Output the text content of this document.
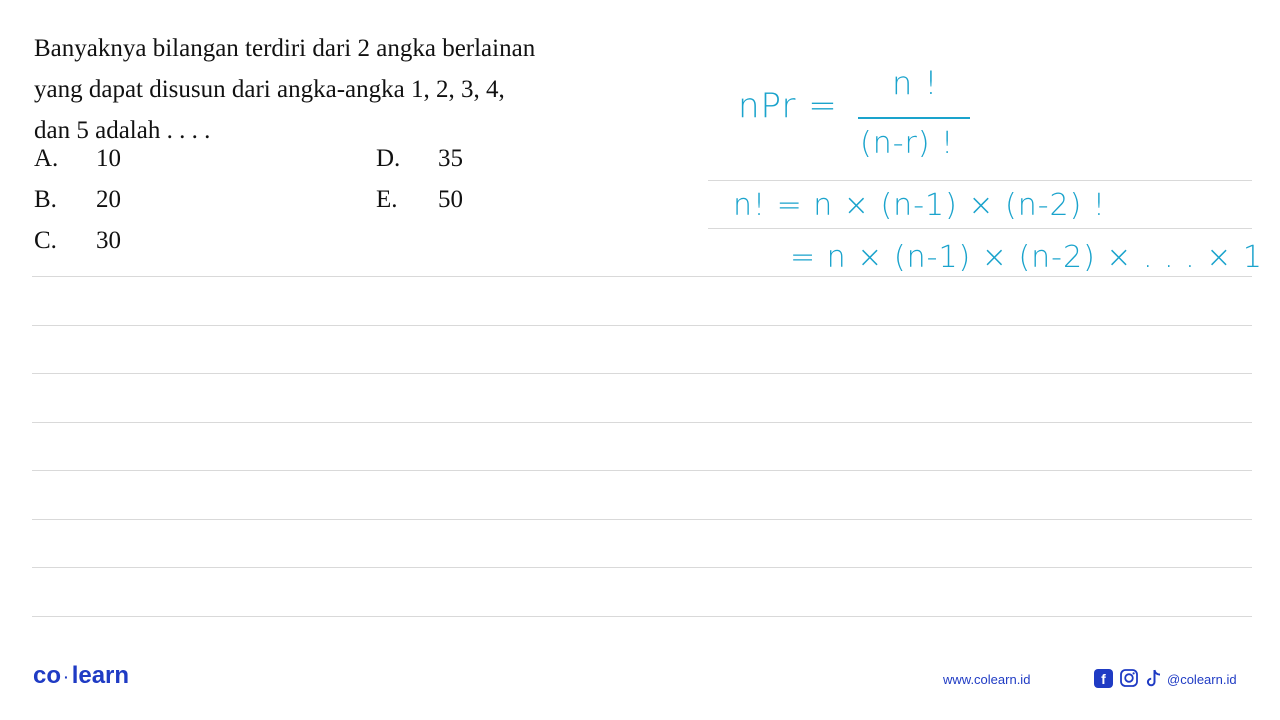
Banyaknya bilangan terdiri dari 2 angka berlainan
yang dapat disusun dari angka-angka 1, 2, 3, 4,
dan 5 adalah . . . .
A. 10
B. 20
C. 30
D. 35
E. 50
nPr =
n !
(n-r) !
n! = n × (n-1) × (n-2) !
= n × (n-1) × (n-2) × . . . × 1
co · learn	www.colearn.id	f	@colearn.id
